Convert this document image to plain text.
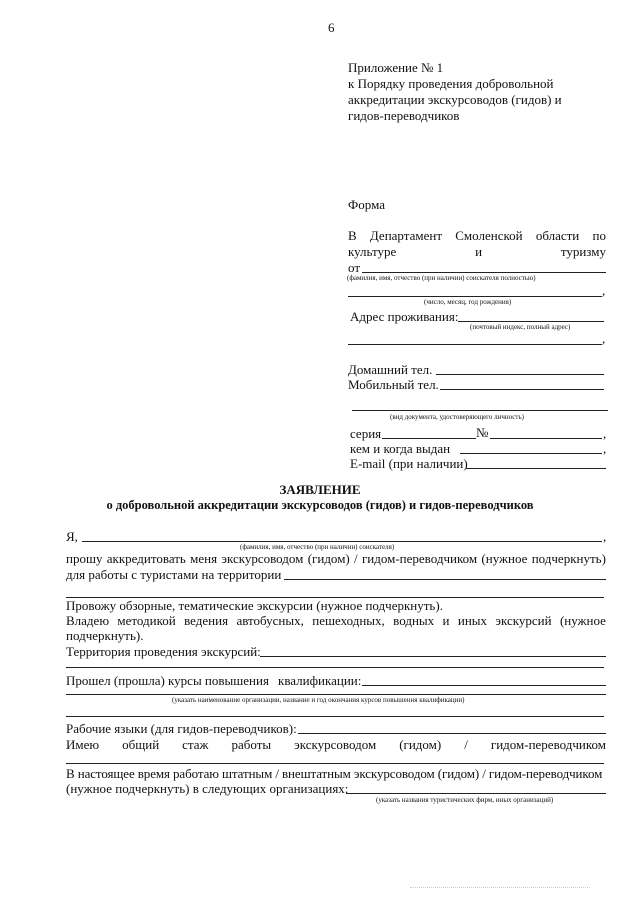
6
Приложение № 1
к Порядку проведения добровольной
аккредитации экскурсоводов (гидов) и
гидов-переводчиков
Форма
В Департамент Смоленской области по
культуре	и	туризму
от
(фамилия, имя, отчество (при наличии) соискателя полностью)
,
(число, месяц, год рождения)
Адрес проживания:
(почтовый индекс, полный адрес)
,
Домашний тел.
Мобильный тел.
(вид документа, удостоверяющего личность)
серия	№	,
кем и когда выдан	,
E-mail (при наличии)
ЗАЯВЛЕНИЕ
о добровольной аккредитации экскурсоводов (гидов) и гидов-переводчиков
Я,	,
(фамилия, имя, отчество (при наличии) соискателя)
прошу аккредитовать меня экскурсоводом (гидом) / гидом-переводчиком (нужное подчеркнуть)
для работы с туристами на территории
Провожу обзорные, тематические экскурсии (нужное подчеркнуть).
Владею методикой ведения автобусных, пешеходных, водных и иных экскурсий (нужное
подчеркнуть).
Территория проведения экскурсий:
Прошел (прошла) курсы повышения квалификации:
(указать наименование организации, название и год окончания курсов повышения квалификации)
Рабочие языки (для гидов-переводчиков):
Имею общий стаж работы экскурсоводом (гидом) / гидом-переводчиком
В настоящее время работаю штатным / внештатным экскурсоводом (гидом) / гидом-переводчиком
(нужное подчеркнуть) в следующих организациях:
(указать названия туристических фирм, иных организаций)
